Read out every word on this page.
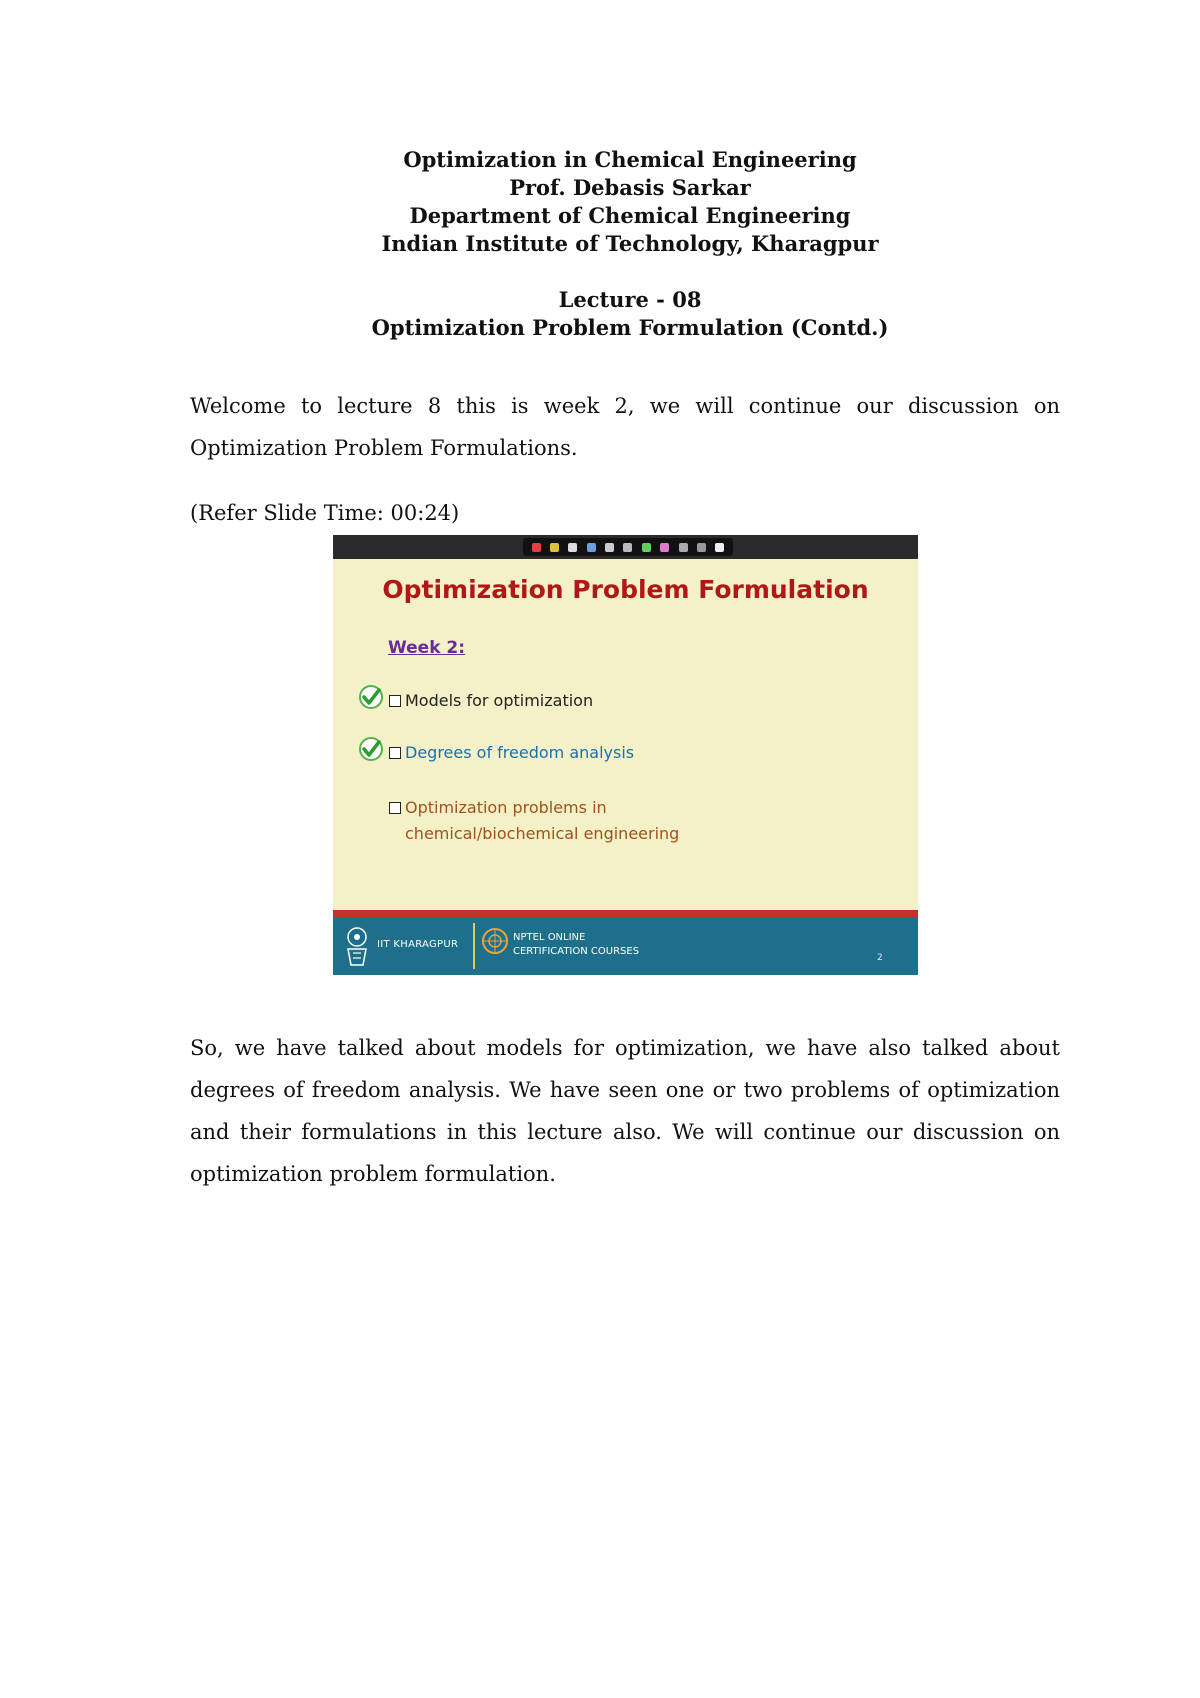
Optimization in Chemical Engineering
Prof. Debasis Sarkar
Department of Chemical Engineering
Indian Institute of Technology, Kharagpur
Lecture - 08
Optimization Problem Formulation (Contd.)

Welcome to lecture 8 this is week 2, we will continue our discussion on Optimization Problem Formulations.

(Refer Slide Time: 00:24)

Optimization Problem Formulation
Week 2:
Models for optimization
Degrees of freedom analysis
Optimization problems in
chemical/biochemical engineering
IIT KHARAGPUR
NPTEL ONLINE
CERTIFICATION COURSES
2

So, we have talked about models for optimization, we have also talked about degrees of freedom analysis. We have seen one or two problems of optimization and their formulations in this lecture also. We will continue our discussion on optimization problem formulation.
